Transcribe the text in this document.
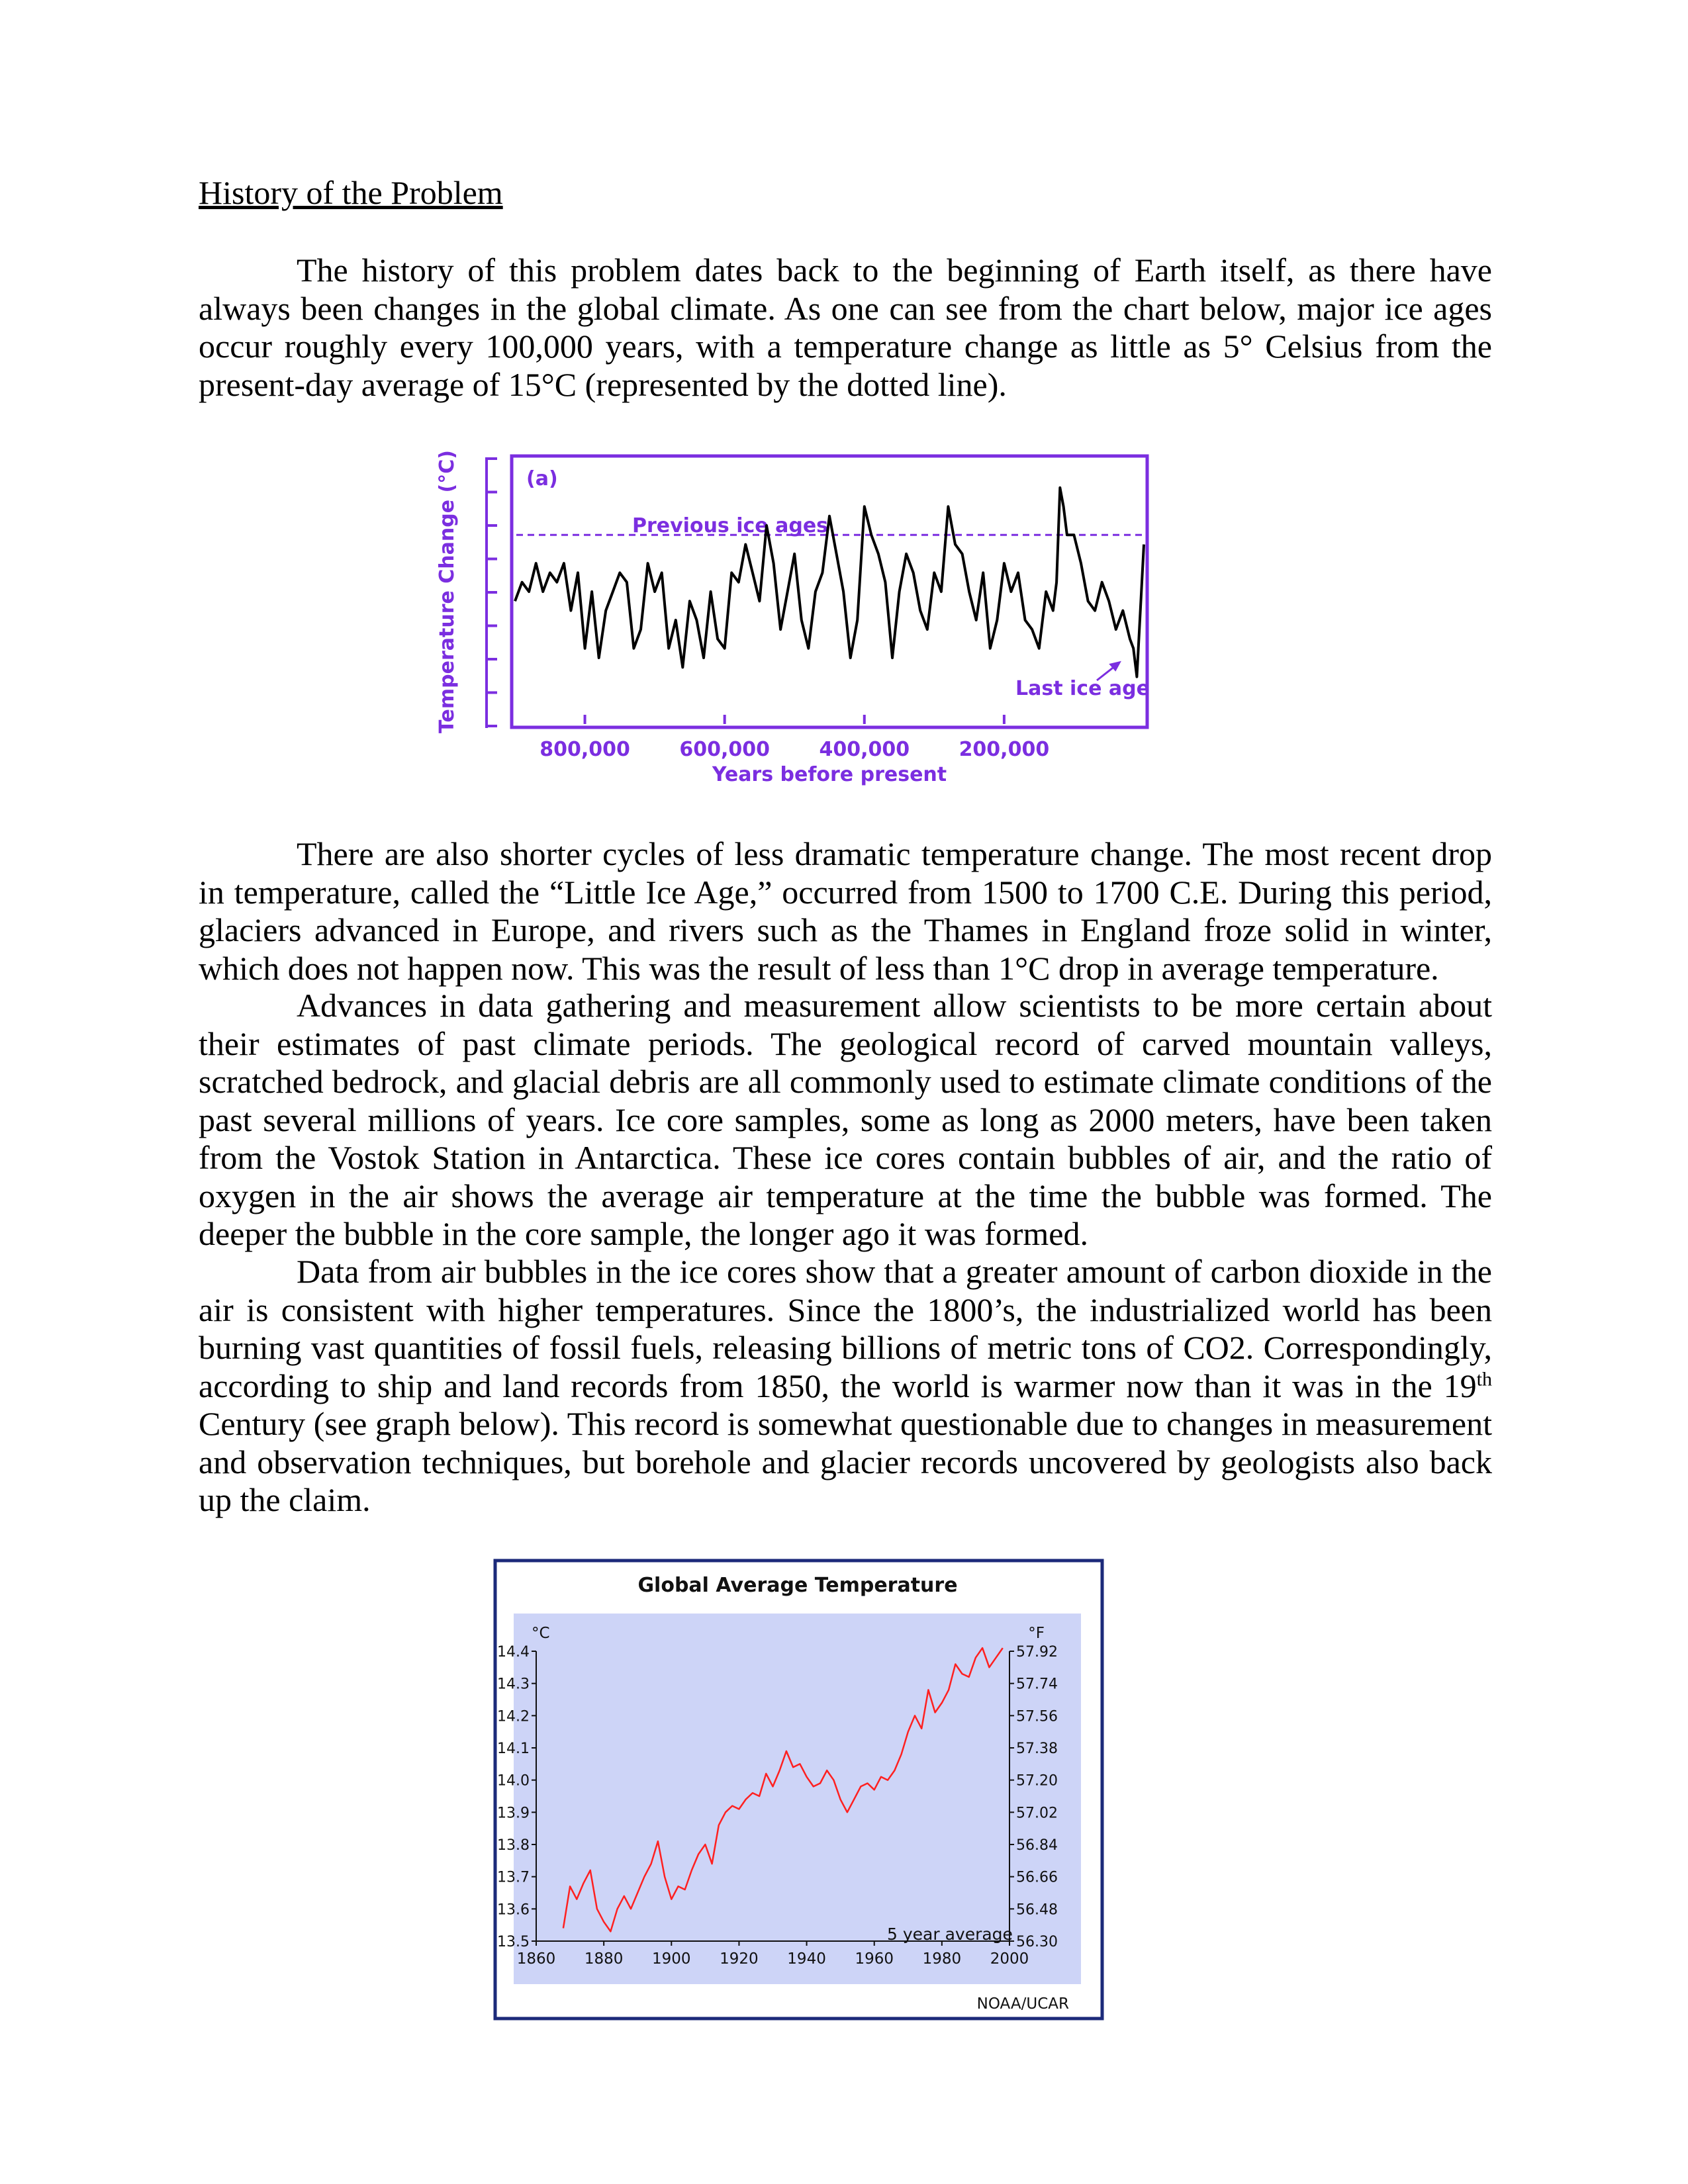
History of the Problem

The history of this problem dates back to the beginning of Earth itself, as there have always been changes in the global climate. As one can see from the chart below, major ice ages occur roughly every 100,000 years, with a temperature change as little as 5° Celsius from the present-day average of 15°C (represented by the dotted line).

Temperature Change (°C)	(a)
Previous ice ages
Last ice age
800,000 600,000 400,000 200,000
Years before present

There are also shorter cycles of less dramatic temperature change. The most recent drop in temperature, called the “Little Ice Age,” occurred from 1500 to 1700 C.E. During this period, glaciers advanced in Europe, and rivers such as the Thames in England froze solid in winter, which does not happen now. This was the result of less than 1°C drop in average temperature.

Advances in data gathering and measurement allow scientists to be more certain about their estimates of past climate periods. The geological record of carved mountain valleys, scratched bedrock, and glacial debris are all commonly used to estimate climate conditions of the past several millions of years. Ice core samples, some as long as 2000 meters, have been taken from the Vostok Station in Antarctica. These ice cores contain bubbles of air, and the ratio of oxygen in the air shows the average air temperature at the time the bubble was formed. The deeper the bubble in the core sample, the longer ago it was formed.

Data from air bubbles in the ice cores show that a greater amount of carbon dioxide in the air is consistent with higher temperatures. Since the 1800’s, the industrialized world has been burning vast quantities of fossil fuels, releasing billions of metric tons of CO2. Correspondingly, according to ship and land records from 1850, the world is warmer now than it was in the 19th Century (see graph below). This record is somewhat questionable due to changes in measurement and observation techniques, but borehole and glacier records uncovered by geologists also back up the claim.

Global Average Temperature
°C	°F
14.4
14.3
14.2
14.1
14.0
13.9
13.8
13.7
13.6
13.5
57.92
57.74
57.56
57.38
57.20
57.02
56.84
56.66
56.48
56.30
1860 1880 1900 1920 1940 1960 1980 2000
5 year average
NOAA/UCAR
